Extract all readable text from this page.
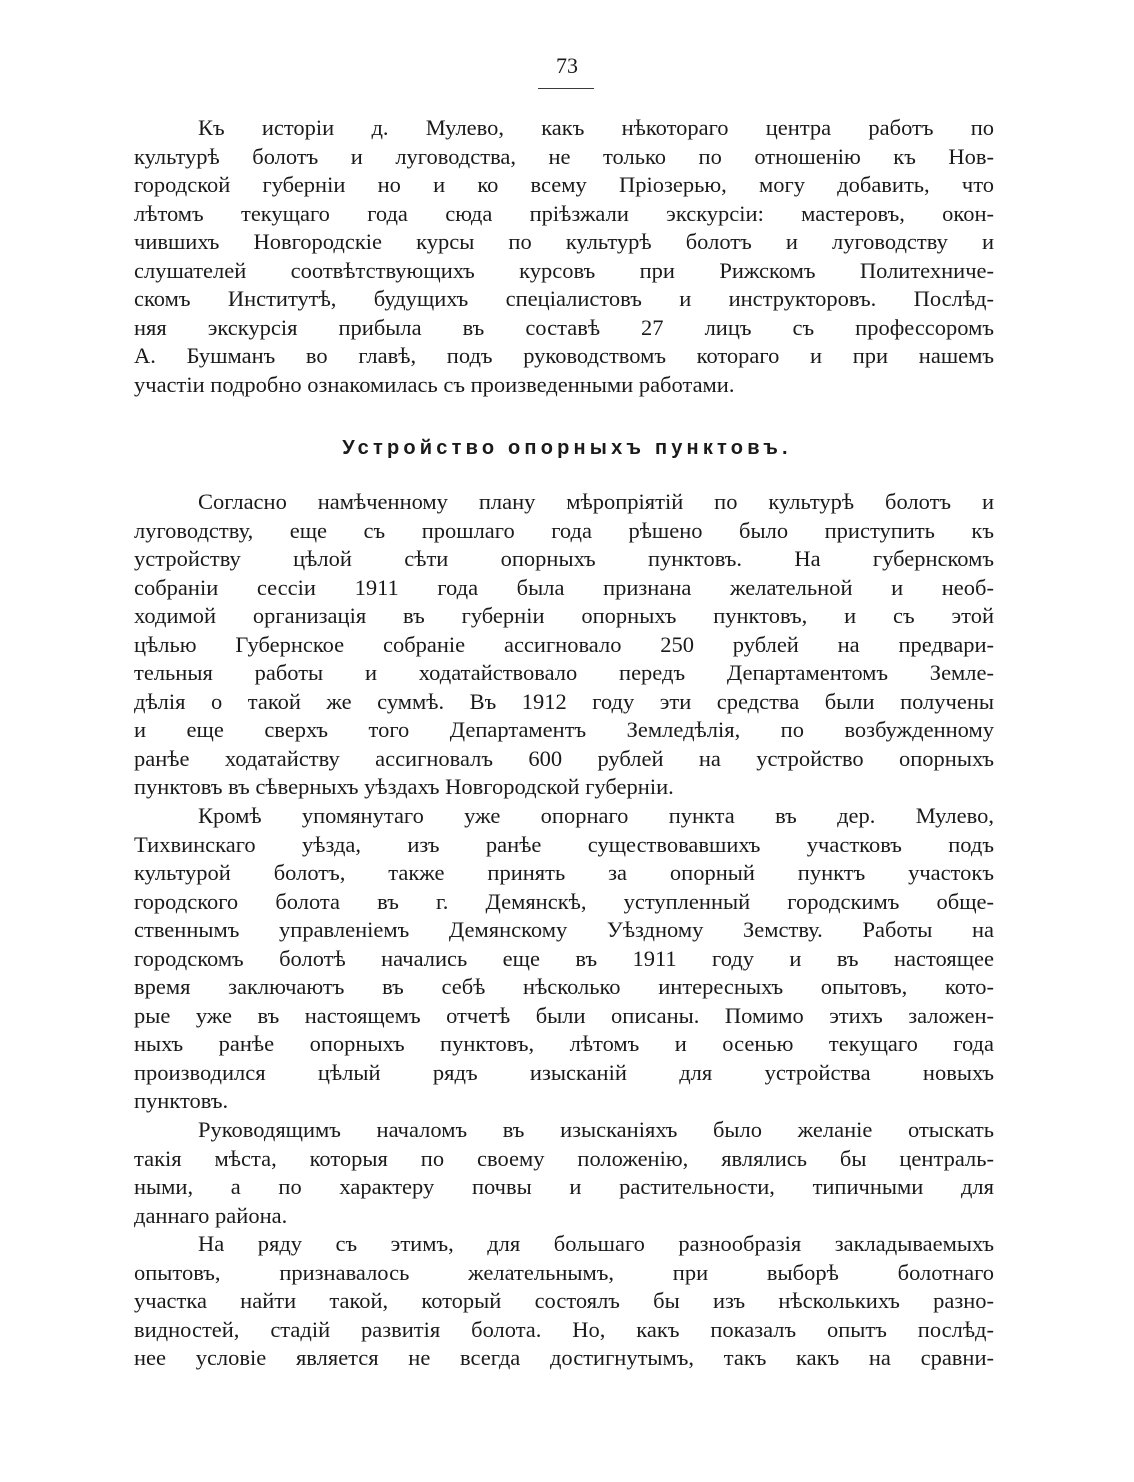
73
Къ исторіи д. Мулево, какъ нѣкотораго центра работъ по
культурѣ болотъ и луговодства, не только по отношенію къ Нов-
городской губерніи но и ко всему Пріозерью, могу добавить, что
лѣтомъ текущаго года сюда пріѣзжали экскурсіи: мастеровъ, окон-
чившихъ Новгородскіе курсы по культурѣ болотъ и луговодству и
слушателей соотвѣтствующихъ курсовъ при Рижскомъ Политехниче-
скомъ Институтѣ, будущихъ спеціалистовъ и инструкторовъ. Послѣд-
няя экскурсія прибыла въ составѣ 27 лицъ съ профессоромъ
А. Бушманъ во главѣ, подъ руководствомъ котораго и при нашемъ
участіи подробно ознакомилась съ произведенными работами.
Устройство опорныхъ пунктовъ.
Согласно намѣченному плану мѣропріятій по культурѣ болотъ и
луговодству, еще съ прошлаго года рѣшено было приступить къ
устройству цѣлой сѣти опорныхъ пунктовъ. На губернскомъ
собраніи сессіи 1911 года была признана желательной и необ-
ходимой организація въ губерніи опорныхъ пунктовъ, и съ этой
цѣлью Губернское собраніе ассигновало 250 рублей на предвари-
тельныя работы и ходатайствовало передъ Департаментомъ Земле-
дѣлія о такой же суммѣ. Въ 1912 году эти средства были получены
и еще сверхъ того Департаментъ Земледѣлія, по возбужденному
ранѣе ходатайству ассигновалъ 600 рублей на устройство опорныхъ
пунктовъ въ сѣверныхъ уѣздахъ Новгородской губерніи.
Кромѣ упомянутаго уже опорнаго пункта въ дер. Мулево,
Тихвинскаго уѣзда, изъ ранѣе существовавшихъ участковъ подъ
культурой болотъ, также принять за опорный пунктъ участокъ
городского болота въ г. Демянскѣ, уступленный городскимъ обще-
ственнымъ управленіемъ Демянскому Уѣздному Земству. Работы на
городскомъ болотѣ начались еще въ 1911 году и въ настоящее
время заключаютъ въ себѣ нѣсколько интересныхъ опытовъ, кото-
рые уже въ настоящемъ отчетѣ были описаны. Помимо этихъ заложен-
ныхъ ранѣе опорныхъ пунктовъ, лѣтомъ и осенью текущаго года
производился цѣлый рядъ изысканій для устройства новыхъ
пунктовъ.
Руководящимъ началомъ въ изысканіяхъ было желаніе отыскать
такія мѣста, которыя по своему положенію, являлись бы централь-
ными, а по характеру почвы и растительности, типичными для
даннаго района.
На ряду съ этимъ, для большаго разнообразія закладываемыхъ
опытовъ, признавалось желательнымъ, при выборѣ болотнаго
участка найти такой, который состоялъ бы изъ нѣсколькихъ разно-
видностей, стадій развитія болота. Но, какъ показалъ опытъ послѣд-
нее условіе является не всегда достигнутымъ, такъ какъ на сравни-
